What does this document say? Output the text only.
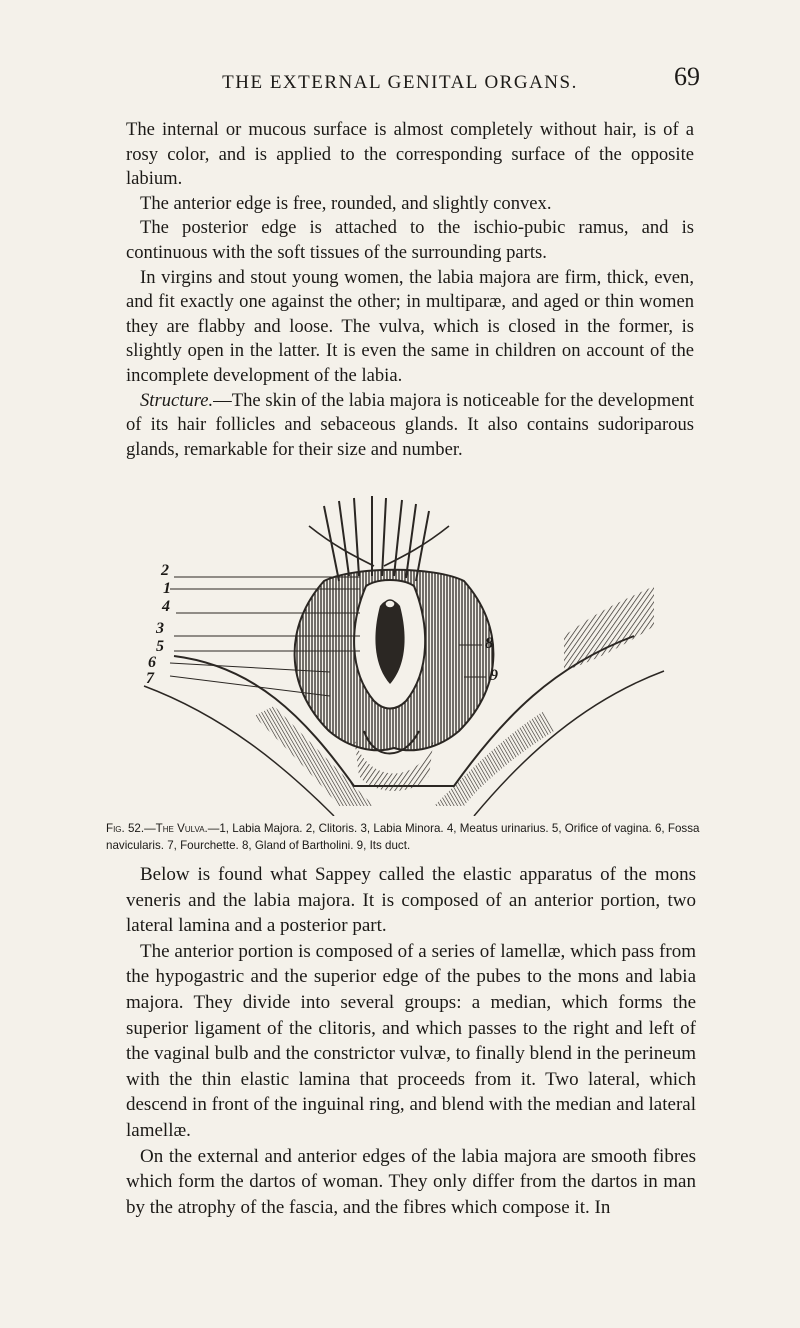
THE EXTERNAL GENITAL ORGANS.	69

The internal or mucous surface is almost completely without hair, is of a rosy color, and is applied to the corresponding surface of the opposite labium.

The anterior edge is free, rounded, and slightly convex.

The posterior edge is attached to the ischio-pubic ramus, and is continuous with the soft tissues of the surrounding parts.

In virgins and stout young women, the labia majora are firm, thick, even, and fit exactly one against the other; in multiparæ, and aged or thin women they are flabby and loose. The vulva, which is closed in the former, is slightly open in the latter. It is even the same in children on account of the incomplete development of the labia.

Structure.—The skin of the labia majora is noticeable for the development of its hair follicles and sebaceous glands. It also contains sudoriparous glands, remarkable for their size and number.

2
1
4
3
5
6
7
8
9
Fig. 52.—The Vulva.—1, Labia Majora. 2, Clitoris. 3, Labia Minora. 4, Meatus urinarius. 5, Orifice of vagina. 6, Fossa navicularis. 7, Fourchette. 8, Gland of Bartholini. 9, Its duct.

Below is found what Sappey called the elastic apparatus of the mons veneris and the labia majora. It is composed of an anterior portion, two lateral lamina and a posterior part.

The anterior portion is composed of a series of lamellæ, which pass from the hypogastric and the superior edge of the pubes to the mons and labia majora. They divide into several groups: a median, which forms the superior ligament of the clitoris, and which passes to the right and left of the vaginal bulb and the constrictor vulvæ, to finally blend in the perineum with the thin elastic lamina that proceeds from it. Two lateral, which descend in front of the inguinal ring, and blend with the median and lateral lamellæ.

On the external and anterior edges of the labia majora are smooth fibres which form the dartos of woman. They only differ from the dartos in man by the atrophy of the fascia, and the fibres which compose it. In
